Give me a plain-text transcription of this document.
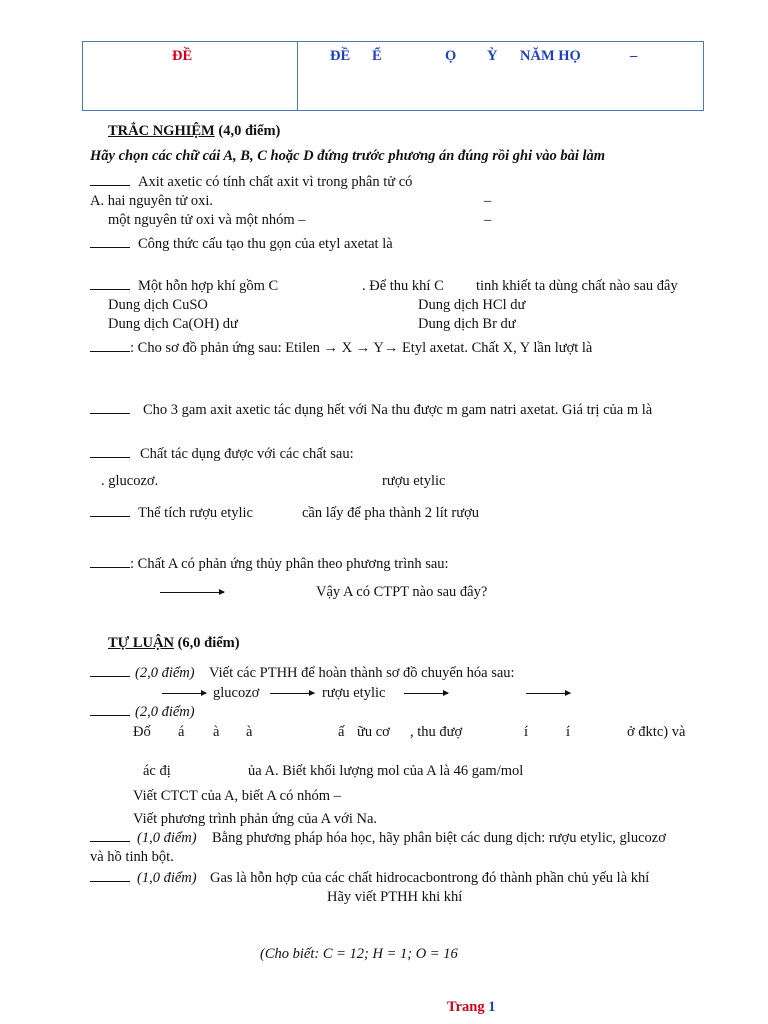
ĐỀ	ĐỀ Ể	Ọ Ỳ NĂM HỌ	–
TRẮC NGHIỆM (4,0 điểm)
Hãy chọn các chữ cái A, B, C hoặc D đứng trước phương án đúng rồi ghi vào bài làm
Axit axetic có tính chất axit vì trong phân tử có
A. hai nguyên tử oxi.	–
một nguyên tử oxi và một nhóm –	–
Công thức cấu tạo thu gọn của etyl axetat là
Một hỗn hợp khí gồm C	. Để thu khí C tinh khiết ta dùng chất nào sau đây
Dung dịch CuSO	Dung dịch HCl dư
Dung dịch Ca(OH) dư	Dung dịch Br dư
: Cho sơ đồ phản ứng sau: Etilen → X → Y→ Etyl axetat. Chất X, Y lần lượt là
Cho 3 gam axit axetic tác dụng hết với Na thu được m gam natri axetat. Giá trị của m là
Chất tác dụng được với các chất sau:
. glucozơ.	rượu etylic
Thể tích rượu etylic	cần lấy để pha thành 2 lít rượu
: Chất A có phản ứng thủy phân theo phương trình sau:
Vậy A có CTPT nào sau đây?
TỰ LUẬN (6,0 điểm)
(2,0 điểm) Viết các PTHH để hoàn thành sơ đồ chuyển hóa sau:
glucozơ	rượu etylic
(2,0 điểm)
Đố á à à	ấ ữu cơ , thu đượ	í	í	ở đktc) và
ác đị	ủa A. Biết khối lượng mol của A là 46 gam/mol
Viết CTCT của A, biết A có nhóm –
Viết phương trình phản ứng của A với Na.
(1,0 điểm) Bằng phương pháp hóa học, hãy phân biệt các dung dịch: rượu etylic, glucozơ
và hồ tinh bột.
(1,0 điểm) Gas là hỗn hợp của các chất hidrocacbontrong đó thành phần chủ yếu là khí
Hãy viết PTHH khi khí
(Cho biết: C = 12; H = 1; O = 16
Trang 1
